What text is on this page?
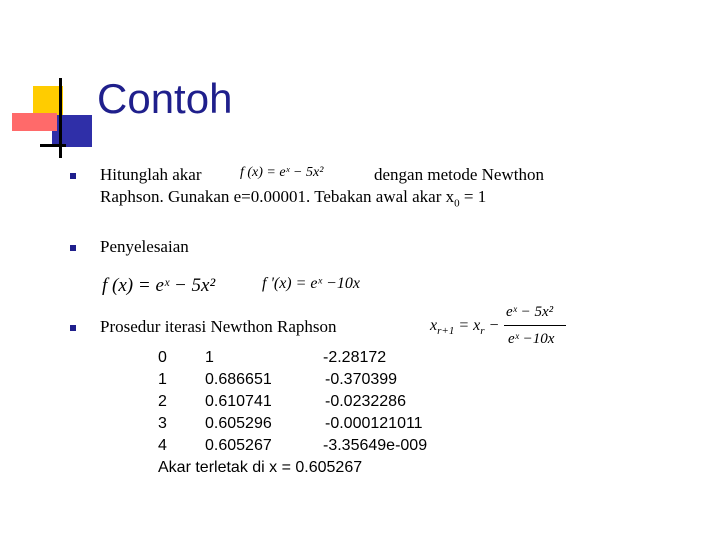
Contoh
Hitunglah akar	f (x) = eˣ − 5x²	dengan metode Newthon
Raphson. Gunakan e=0.00001. Tebakan awal akar $x_0 = 1$
Penyelesaian
f (x) = eˣ − 5x²	f '(x) = eˣ −10x
Prosedur iterasi Newthon Raphson	$x_{r+1} = x_r$ −
eˣ − 5x²
eˣ −10x
0 1	-2.28172
1 0.686651	-0.370399
2 0.610741	-0.0232286
3 0.605296	-0.000121011
4 0.605267	-3.35649e-009
Akar terletak di x = 0.605267
